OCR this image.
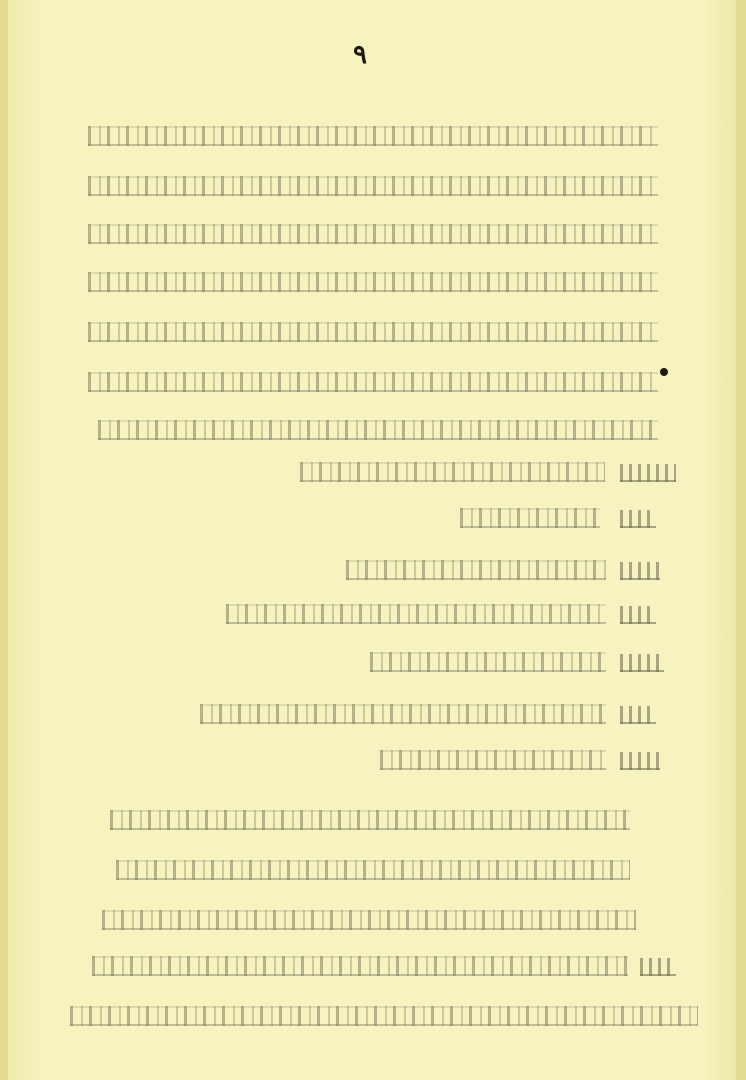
٩
